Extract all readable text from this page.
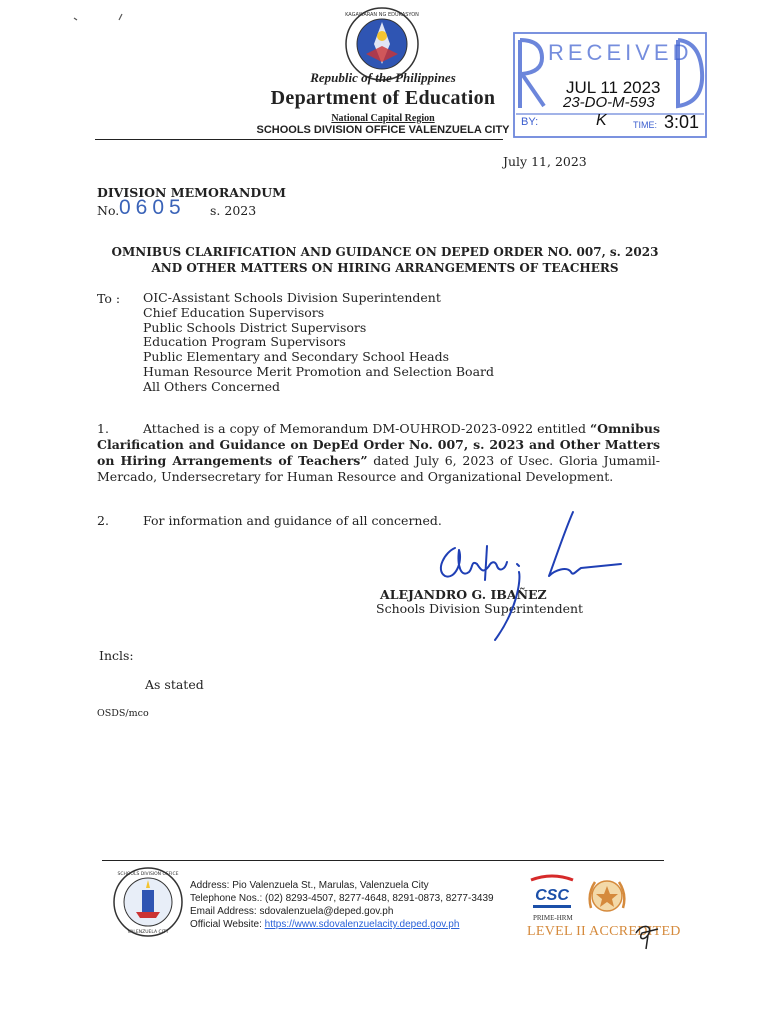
KAGAWARAN NG EDUKASYON
Republic of the Philippines
Department of Education
National Capital Region
SCHOOLS DIVISION OFFICE VALENZUELA CITY
RECEIVED
JUL 11 2023
23-DO-M-593
BY:	K	TIME: 3:01
July 11, 2023
DIVISION MEMORANDUM
No. 0605 s. 2023
OMNIBUS CLARIFICATION AND GUIDANCE ON DEPED ORDER NO. 007, s. 2023
AND OTHER MATTERS ON HIRING ARRANGEMENTS OF TEACHERS
To : OIC-Assistant Schools Division Superintendent
Chief Education Supervisors
Public Schools District Supervisors
Education Program Supervisors
Public Elementary and Secondary School Heads
Human Resource Merit Promotion and Selection Board
All Others Concerned
1.	Attached is a copy of Memorandum DM-OUHROD-2023-0922 entitled “Omnibus Clarification and Guidance on DepEd Order No. 007, s. 2023 and Other Matters on Hiring Arrangements of Teachers” dated July 6, 2023 of Usec. Gloria Jumamil-Mercado, Undersecretary for Human Resource and Organizational Development.
2.	For information and guidance of all concerned.
ALEJANDRO G. IBAÑEZ
Schools Division Superintendent
Incls:
As stated
OSDS/mco
SCHOOLS DIVISION OFFICE
VALENZUELA CITY
Address: Pio Valenzuela St., Marulas, Valenzuela City
Telephone Nos.: (02) 8293-4507, 8277-4648, 8291-0873, 8277-3439
Email Address: sdovalenzuela@deped.gov.ph
Official Website: https://www.sdovalenzuelacity.deped.gov.ph
CSC
PRIME-HRM
LEVEL II ACCREDITED
